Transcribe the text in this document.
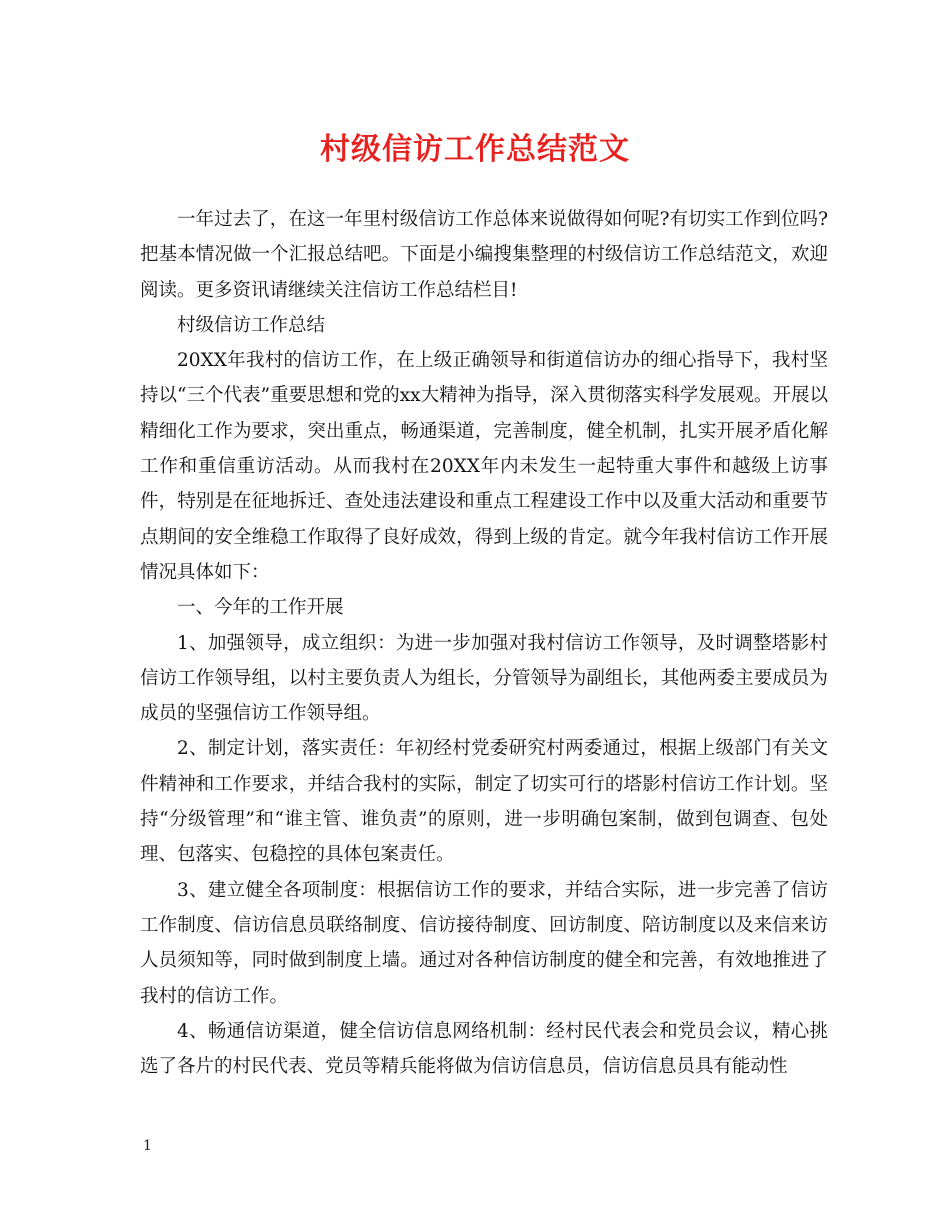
村级信访工作总结范文

一年过去了，在这一年里村级信访工作总体来说做得如何呢?有切实工作到位吗?把基本情况做一个汇报总结吧。下面是小编搜集整理的村级信访工作总结范文，欢迎阅读。更多资讯请继续关注信访工作总结栏目!

村级信访工作总结

20XX年我村的信访工作，在上级正确领导和街道信访办的细心指导下，我村坚持以“三个代表”重要思想和党的xx大精神为指导，深入贯彻落实科学发展观。开展以精细化工作为要求，突出重点，畅通渠道，完善制度，健全机制，扎实开展矛盾化解工作和重信重访活动。从而我村在20XX年内未发生一起特重大事件和越级上访事件，特别是在征地拆迁、查处违法建设和重点工程建设工作中以及重大活动和重要节点期间的安全维稳工作取得了良好成效，得到上级的肯定。就今年我村信访工作开展情况具体如下：

一、今年的工作开展

1、加强领导，成立组织：为进一步加强对我村信访工作领导，及时调整塔影村信访工作领导组，以村主要负责人为组长，分管领导为副组长，其他两委主要成员为成员的坚强信访工作领导组。

2、制定计划，落实责任：年初经村党委研究村两委通过，根据上级部门有关文件精神和工作要求，并结合我村的实际，制定了切实可行的塔影村信访工作计划。坚持“分级管理”和“谁主管、谁负责”的原则，进一步明确包案制，做到包调查、包处理、包落实、包稳控的具体包案责任。

3、建立健全各项制度：根据信访工作的要求，并结合实际，进一步完善了信访工作制度、信访信息员联络制度、信访接待制度、回访制度、陪访制度以及来信来访人员须知等，同时做到制度上墙。通过对各种信访制度的健全和完善，有效地推进了我村的信访工作。

4、畅通信访渠道，健全信访信息网络机制：经村民代表会和党员会议，精心挑选了各片的村民代表、党员等精兵能将做为信访信息员，信访信息员具有能动性

1
